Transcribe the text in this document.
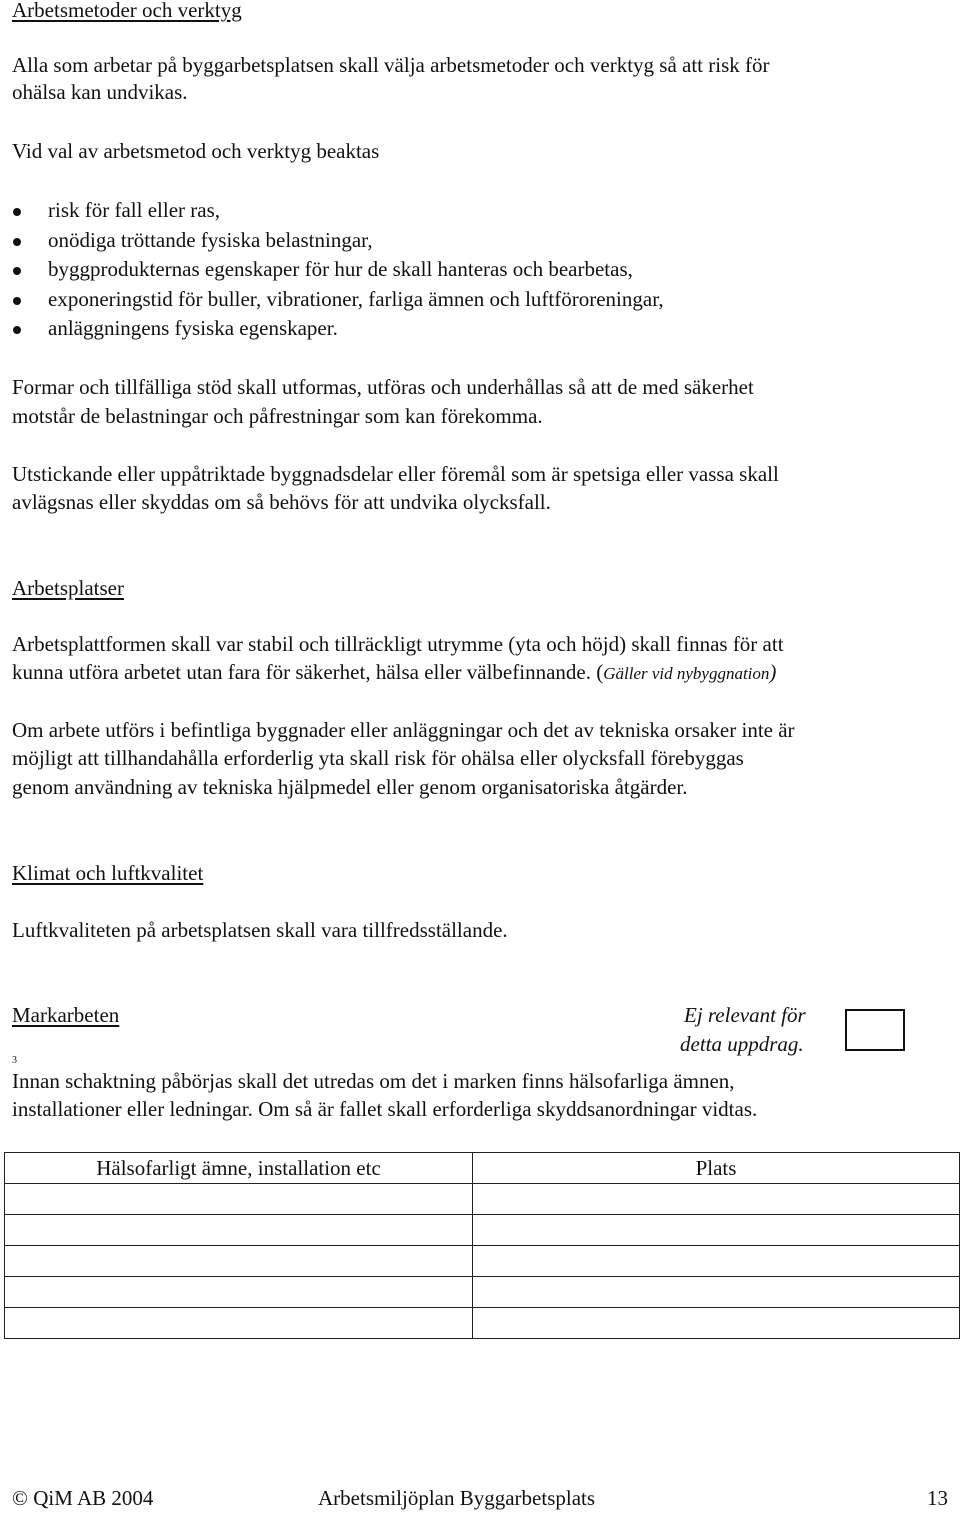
Arbetsmetoder och verktyg
Alla som arbetar på byggarbetsplatsen skall välja arbetsmetoder och verktyg så att risk för
ohälsa kan undvikas.
Vid val av arbetsmetod och verktyg beaktas
risk för fall eller ras,
onödiga tröttande fysiska belastningar,
byggprodukternas egenskaper för hur de skall hanteras och bearbetas,
exponeringstid för buller, vibrationer, farliga ämnen och luftföroreningar,
anläggningens fysiska egenskaper.
Formar och tillfälliga stöd skall utformas, utföras och underhållas så att de med säkerhet
motstår de belastningar och påfrestningar som kan förekomma.
Utstickande eller uppåtriktade byggnadsdelar eller föremål som är spetsiga eller vassa skall
avlägsnas eller skyddas om så behövs för att undvika olycksfall.
Arbetsplatser
Arbetsplattformen skall var stabil och tillräckligt utrymme (yta och höjd) skall finnas för att
kunna utföra arbetet utan fara för säkerhet, hälsa eller välbefinnande. (Gäller vid nybyggnation)
Om arbete utförs i befintliga byggnader eller anläggningar och det av tekniska orsaker inte är
möjligt att tillhandahålla erforderlig yta skall risk för ohälsa eller olycksfall förebyggas
genom användning av tekniska hjälpmedel eller genom organisatoriska åtgärder.
Klimat och luftkvalitet
Luftkvaliteten på arbetsplatsen skall vara tillfredsställande.
Markarbeten	Ej relevant för
detta uppdrag.
3
Innan schaktning påbörjas skall det utredas om det i marken finns hälsofarliga ämnen,
installationer eller ledningar. Om så är fallet skall erforderliga skyddsanordningar vidtas.
Hälsofarligt ämne, installation etc	Plats

© QiM AB 2004	Arbetsmiljöplan Byggarbetsplats	13
